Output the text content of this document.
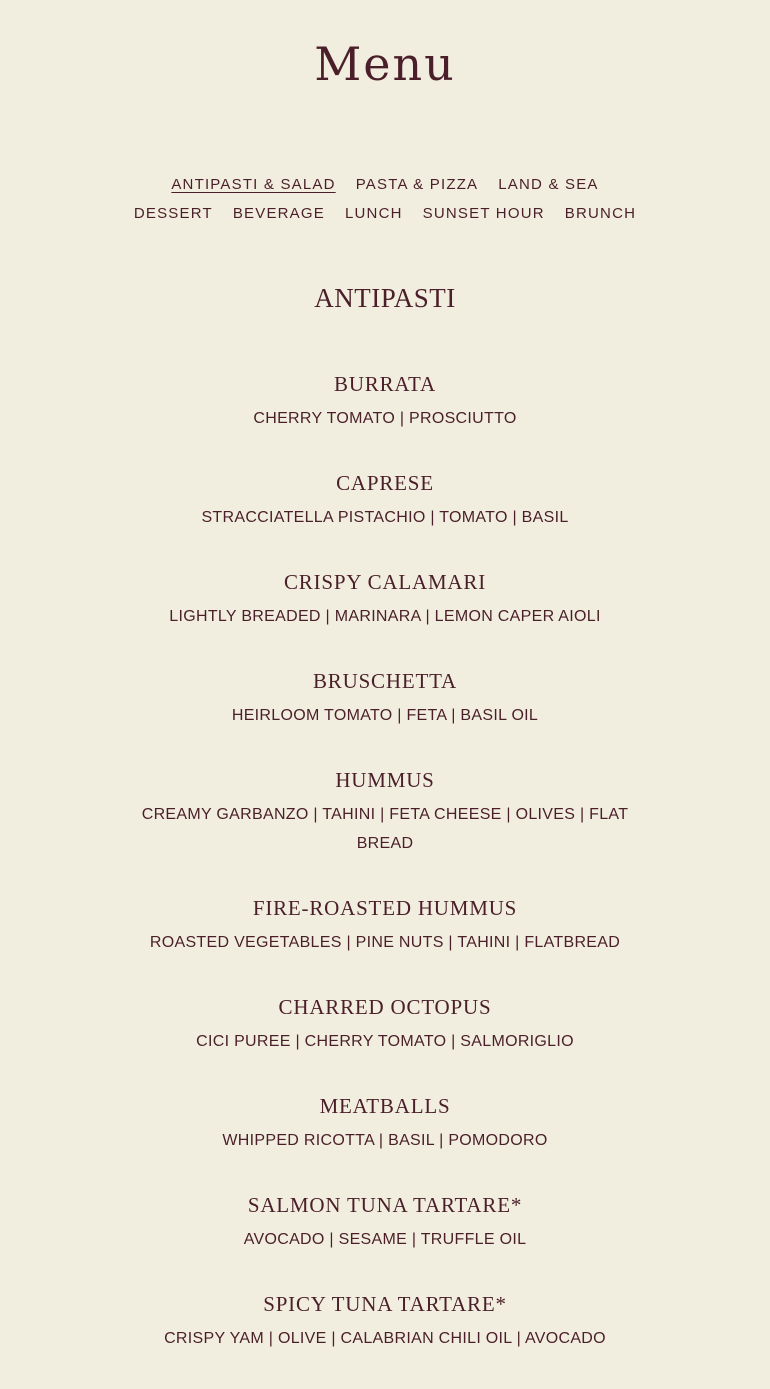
Menu
ANTIPASTI & SALAD PASTA & PIZZA LAND & SEA
DESSERT BEVERAGE LUNCH SUNSET HOUR BRUNCH
ANTIPASTI
BURRATA

CHERRY TOMATO | PROSCIUTTO

CAPRESE

STRACCIATELLA PISTACHIO | TOMATO | BASIL

CRISPY CALAMARI

LIGHTLY BREADED | MARINARA | LEMON CAPER AIOLI

BRUSCHETTA

HEIRLOOM TOMATO | FETA | BASIL OIL

HUMMUS

CREAMY GARBANZO | TAHINI | FETA CHEESE | OLIVES | FLAT BREAD

FIRE-ROASTED HUMMUS

ROASTED VEGETABLES | PINE NUTS | TAHINI | FLATBREAD

CHARRED OCTOPUS

CICI PUREE | CHERRY TOMATO | SALMORIGLIO

MEATBALLS

WHIPPED RICOTTA | BASIL | POMODORO

SALMON TUNA TARTARE*

AVOCADO | SESAME | TRUFFLE OIL

SPICY TUNA TARTARE*

CRISPY YAM | OLIVE | CALABRIAN CHILI OIL | AVOCADO
